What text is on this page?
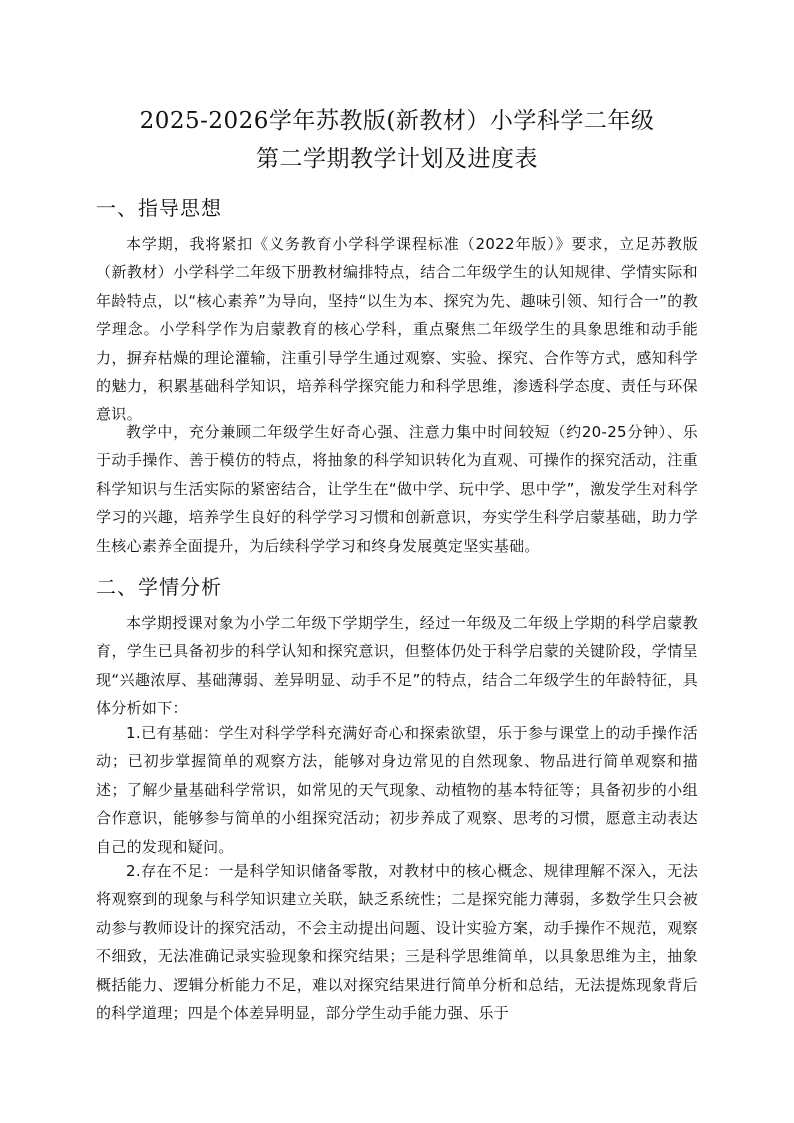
2025-2026学年苏教版(新教材）小学科学二年级
第二学期教学计划及进度表
一、指导思想

本学期，我将紧扣《义务教育小学科学课程标准（2022年版）》要求，立足苏教版（新教材）小学科学二年级下册教材编排特点，结合二年级学生的认知规律、学情实际和年龄特点，以“核心素养”为导向，坚持“以生为本、探究为先、趣味引领、知行合一”的教学理念。小学科学作为启蒙教育的核心学科，重点聚焦二年级学生的具象思维和动手能力，摒弃枯燥的理论灌输，注重引导学生通过观察、实验、探究、合作等方式，感知科学的魅力，积累基础科学知识，培养科学探究能力和科学思维，渗透科学态度、责任与环保意识。

教学中，充分兼顾二年级学生好奇心强、注意力集中时间较短（约20-25分钟）、乐于动手操作、善于模仿的特点，将抽象的科学知识转化为直观、可操作的探究活动，注重科学知识与生活实际的紧密结合，让学生在“做中学、玩中学、思中学”，激发学生对科学学习的兴趣，培养学生良好的科学学习习惯和创新意识，夯实学生科学启蒙基础，助力学生核心素养全面提升，为后续科学学习和终身发展奠定坚实基础。

二、学情分析

本学期授课对象为小学二年级下学期学生，经过一年级及二年级上学期的科学启蒙教育，学生已具备初步的科学认知和探究意识，但整体仍处于科学启蒙的关键阶段，学情呈现“兴趣浓厚、基础薄弱、差异明显、动手不足”的特点，结合二年级学生的年龄特征，具体分析如下：

1.已有基础：学生对科学学科充满好奇心和探索欲望，乐于参与课堂上的动手操作活动；已初步掌握简单的观察方法，能够对身边常见的自然现象、物品进行简单观察和描述；了解少量基础科学常识，如常见的天气现象、动植物的基本特征等；具备初步的小组合作意识，能够参与简单的小组探究活动；初步养成了观察、思考的习惯，愿意主动表达自己的发现和疑问。

2.存在不足：一是科学知识储备零散，对教材中的核心概念、规律理解不深入，无法将观察到的现象与科学知识建立关联，缺乏系统性；二是探究能力薄弱，多数学生只会被动参与教师设计的探究活动，不会主动提出问题、设计实验方案，动手操作不规范，观察不细致，无法准确记录实验现象和探究结果；三是科学思维简单，以具象思维为主，抽象概括能力、逻辑分析能力不足，难以对探究结果进行简单分析和总结，无法提炼现象背后的科学道理；四是个体差异明显，部分学生动手能力强、乐于
